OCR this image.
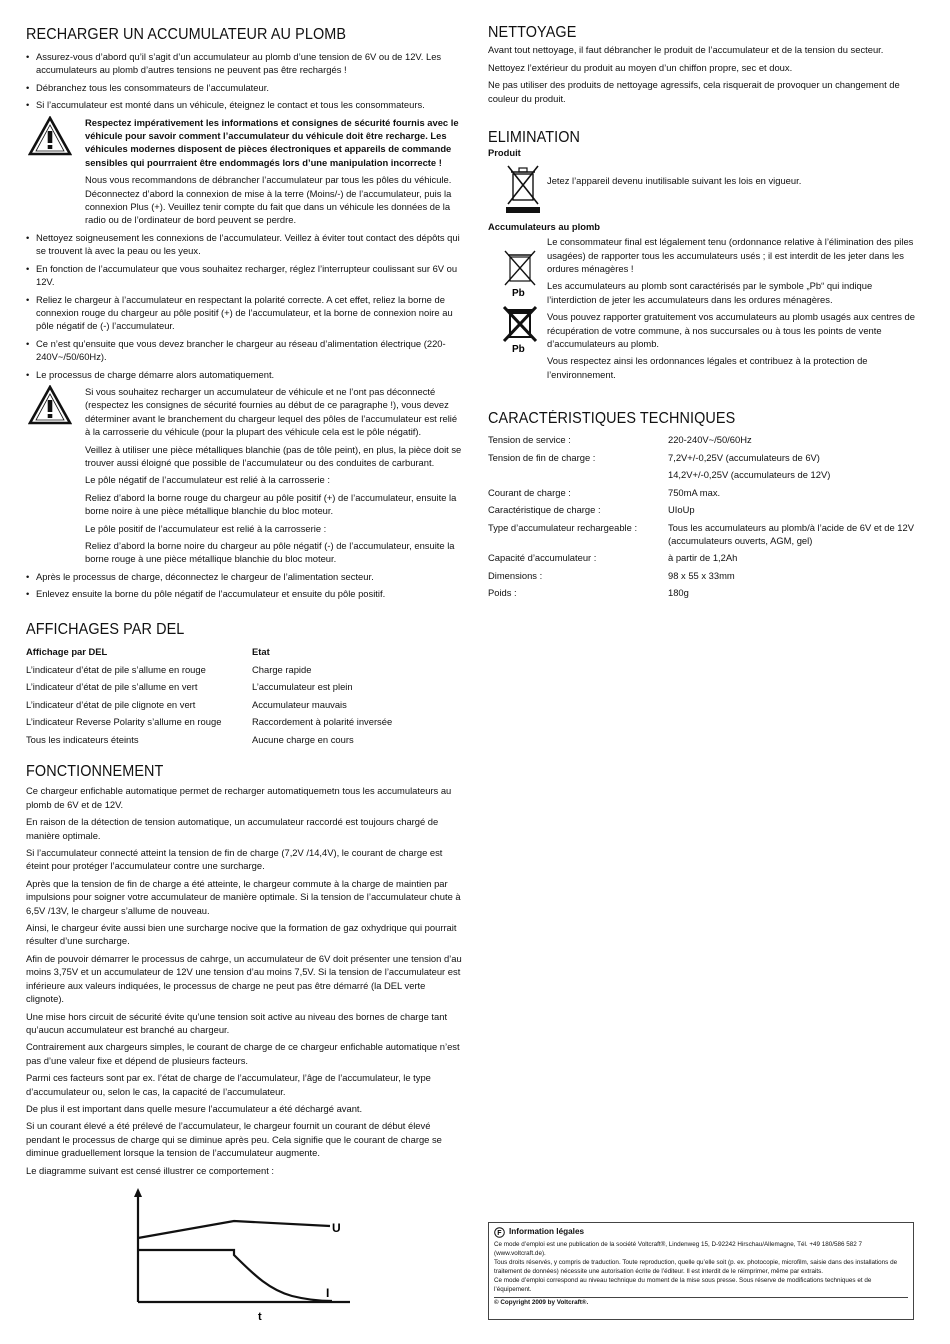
RECHARGER UN ACCUMULATEUR AU PLOMB
• Assurez-vous d’abord qu’il s’agit d’un accumulateur au plomb d’une tension de 6V ou de 12V. Les accumulateurs au plomb d’autres tensions ne peuvent pas être rechargés !
• Débranchez tous les consommateurs de l’accumulateur.
• Si l’accumulateur est monté dans un véhicule, éteignez le contact et tous les consommateurs.

Respectez impérativement les informations et consignes de sécurité fournis avec le véhicule pour savoir comment l’accumulateur du véhicule doit être recharge. Les véhicules modernes disposent de pièces électroniques et appareils de commande sensibles qui pourrraient être endommagés lors d’une manipulation incorrecte !

Nous vous recommandons de débrancher l’accumulateur par tous les pôles du véhicule. Déconnectez d’abord la connexion de mise à la terre (Moins/-) de l’accumulateur, puis la connexion Plus (+). Veuillez tenir compte du fait que dans un véhicule les données de la radio ou de l’ordinateur de bord peuvent se perdre.

• Nettoyez soigneusement les connexions de l’accumulateur. Veillez à éviter tout contact des dépôts qui se trouvent là avec la peau ou les yeux.
• En fonction de l’accumulateur que vous souhaitez recharger, réglez l’interrupteur coulissant sur 6V ou 12V.
• Reliez le chargeur à l’accumulateur en respectant la polarité correcte. A cet effet, reliez la borne de connexion rouge du chargeur au pôle positif (+) de l’accumulateur, et la borne de connexion noire au pôle négatif de (-) l’accumulateur.
• Ce n’est qu’ensuite que vous devez brancher le chargeur au réseau d’alimentation électrique (220-240V~/50/60Hz).
• Le processus de charge démarre alors automatiquement.

Si vous souhaitez recharger un accumulateur de véhicule et ne l’ont pas déconnecté (respectez les consignes de sécurité fournies au début de ce paragraphe !), vous devez déterminer avant le branchement du chargeur lequel des pôles de l’accumulateur est relié à la carrosserie du véhicule (pour la plupart des véhicule cela est le pôle négatif).

Veillez à utiliser une pièce métalliques blanchie (pas de tôle peint), en plus, la pièce doit se trouver aussi éloigné que possible de l’accumulateur ou des conduites de carburant.

Le pôle négatif de l’accumulateur est relié à la carrosserie :

Reliez d’abord la borne rouge du chargeur au pôle positif (+) de l’accumulateur, ensuite la borne noire à une pièce métallique blanchie du bloc moteur.

Le pôle positif de l’accumulateur est relié à la carrosserie :

Reliez d’abord la borne noire du chargeur au pôle négatif (-) de l’accumulateur, ensuite la borne rouge à une pièce métallique blanchie du bloc moteur.

• Après le processus de charge, déconnectez le chargeur de l’alimentation secteur.
• Enlevez ensuite la borne du pôle négatif de l’accumulateur et ensuite du pôle positif.
AFFICHAGES PAR DEL
Affichage par DEL	Etat
L’indicateur d’état de pile s’allume en rouge	Charge rapide
L’indicateur d’état de pile s’allume en vert	L’accumulateur est plein
L’indicateur d’état de pile clignote en vert	Accumulateur mauvais
L’indicateur Reverse Polarity s’allume en rouge	Raccordement à polarité inversée
Tous les indicateurs éteints	Aucune charge en cours
FONCTIONNEMENT

Ce chargeur enfichable automatique permet de recharger automatiquemetn tous les accumulateurs au plomb de 6V et de 12V.

En raison de la détection de tension automatique, un accumulateur raccordé est toujours chargé de manière optimale.

Si l’accumulateur connecté atteint la tension de fin de charge (7,2V /14,4V), le courant de charge est éteint pour protéger l’accumulateur contre une surcharge.

Après que la tension de fin de charge a été atteinte, le chargeur commute à la charge de maintien par impulsions pour soigner votre accumulateur de manière optimale. Si la tension de l’accumulateur chute à 6,5V /13V, le chargeur s’allume de nouveau.

Ainsi, le chargeur évite aussi bien une surcharge nocive que la formation de gaz oxhydrique qui pourrait résulter d’une surcharge.

Afin de pouvoir démarrer le processus de cahrge, un accumulateur de 6V doit présenter une tension d’au moins 3,75V et un accumulateur de 12V une tension d’au moins 7,5V. Si la tension de l’accumulateur est inférieure aux valeurs indiquées, le processus de charge ne peut pas être démarré (la DEL verte clignote).

Une mise hors circuit de sécurité évite qu’une tension soit active au niveau des bornes de charge tant qu’aucun accumulateur est branché au chargeur.

Contrairement aux chargeurs simples, le courant de charge de ce chargeur enfichable automatique n’est pas d’une valeur fixe et dépend de plusieurs facteurs.

Parmi ces facteurs sont par ex. l’état de charge de l’accumulateur, l’âge de l’accumulateur, le type d’accumulateur ou, selon le cas, la capacité de l’accumulateur.

De plus il est important dans quelle mesure l’accumulateur a été déchargé avant.

Si un courant élevé a été prélevé de l’accumulateur, le chargeur fournit un courant de début élevé pendant le processus de charge qui se diminue après peu. Cela signifie que le courant de charge se diminue graduellement lorsque la tension de l’accumulateur augmente.

Le diagramme suivant est censé illustrer ce comportement :

U
I
t
NETTOYAGE

Avant tout nettoyage, il faut débrancher le produit de l’accumulateur et de la tension du secteur.

Nettoyez l’extérieur du produit au moyen d’un chiffon propre, sec et doux.

Ne pas utiliser des produits de nettoyage agressifs, cela risquerait de provoquer un changement de couleur du produit.

ELIMINATION
Produit
Jetez l’appareil devenu inutilisable suivant les lois en vigueur.
Accumulateurs au plomb
Pb
Pb

Le consommateur final est légalement tenu (ordonnance relative à l’élimination des piles usagées) de rapporter tous les accumulateurs usés ; il est interdit de les jeter dans les ordures ménagères !

Les accumulateurs au plomb sont caractérisés par le symbole „Pb“ qui indique l’interdiction de jeter les accumulateurs dans les ordures ménagères.

Vous pouvez rapporter gratuitement vos accumulateurs au plomb usagés aux centres de récupération de votre commune, à nos succursales ou à tous les points de vente d’accumulateurs au plomb.

Vous respectez ainsi les ordonnances légales et contribuez à la protection de l’environnement.

CARACTÉRISTIQUES TECHNIQUES
Tension de service :	220-240V~/50/60Hz
Tension de fin de charge :	7,2V+/-0,25V (accumulateurs de 6V)
	14,2V+/-0,25V (accumulateurs de 12V)
Courant de charge :	750mA max.
Caractéristique de charge :	UIoUp
Type d’accumulateur rechargeable :	Tous les accumulateurs au plomb/à l’acide de 6V et de 12V (accumulateurs ouverts, AGM, gel)
Capacité d’accumulateur :	à partir de 1,2Ah
Dimensions :	98 x 55 x 33mm
Poids :	180g
F Information légales

Ce mode d’emploi est une publication de la société Voltcraft®, Lindenweg 15, D-92242 Hirschau/Allemagne, Tél. +49 180/586 582 7 (www.voltcraft.de).

Tous droits réservés, y compris de traduction. Toute reproduction, quelle qu’elle soit (p. ex. photocopie, microfilm, saisie dans des installations de traitement de données) nécessite une autorisation écrite de l’éditeur. Il est interdit de le réimprimer, même par extraits.

Ce mode d’emploi correspond au niveau technique du moment de la mise sous presse. Sous réserve de modifications techniques et de l’équipement.

© Copyright 2009 by Voltcraft®.
